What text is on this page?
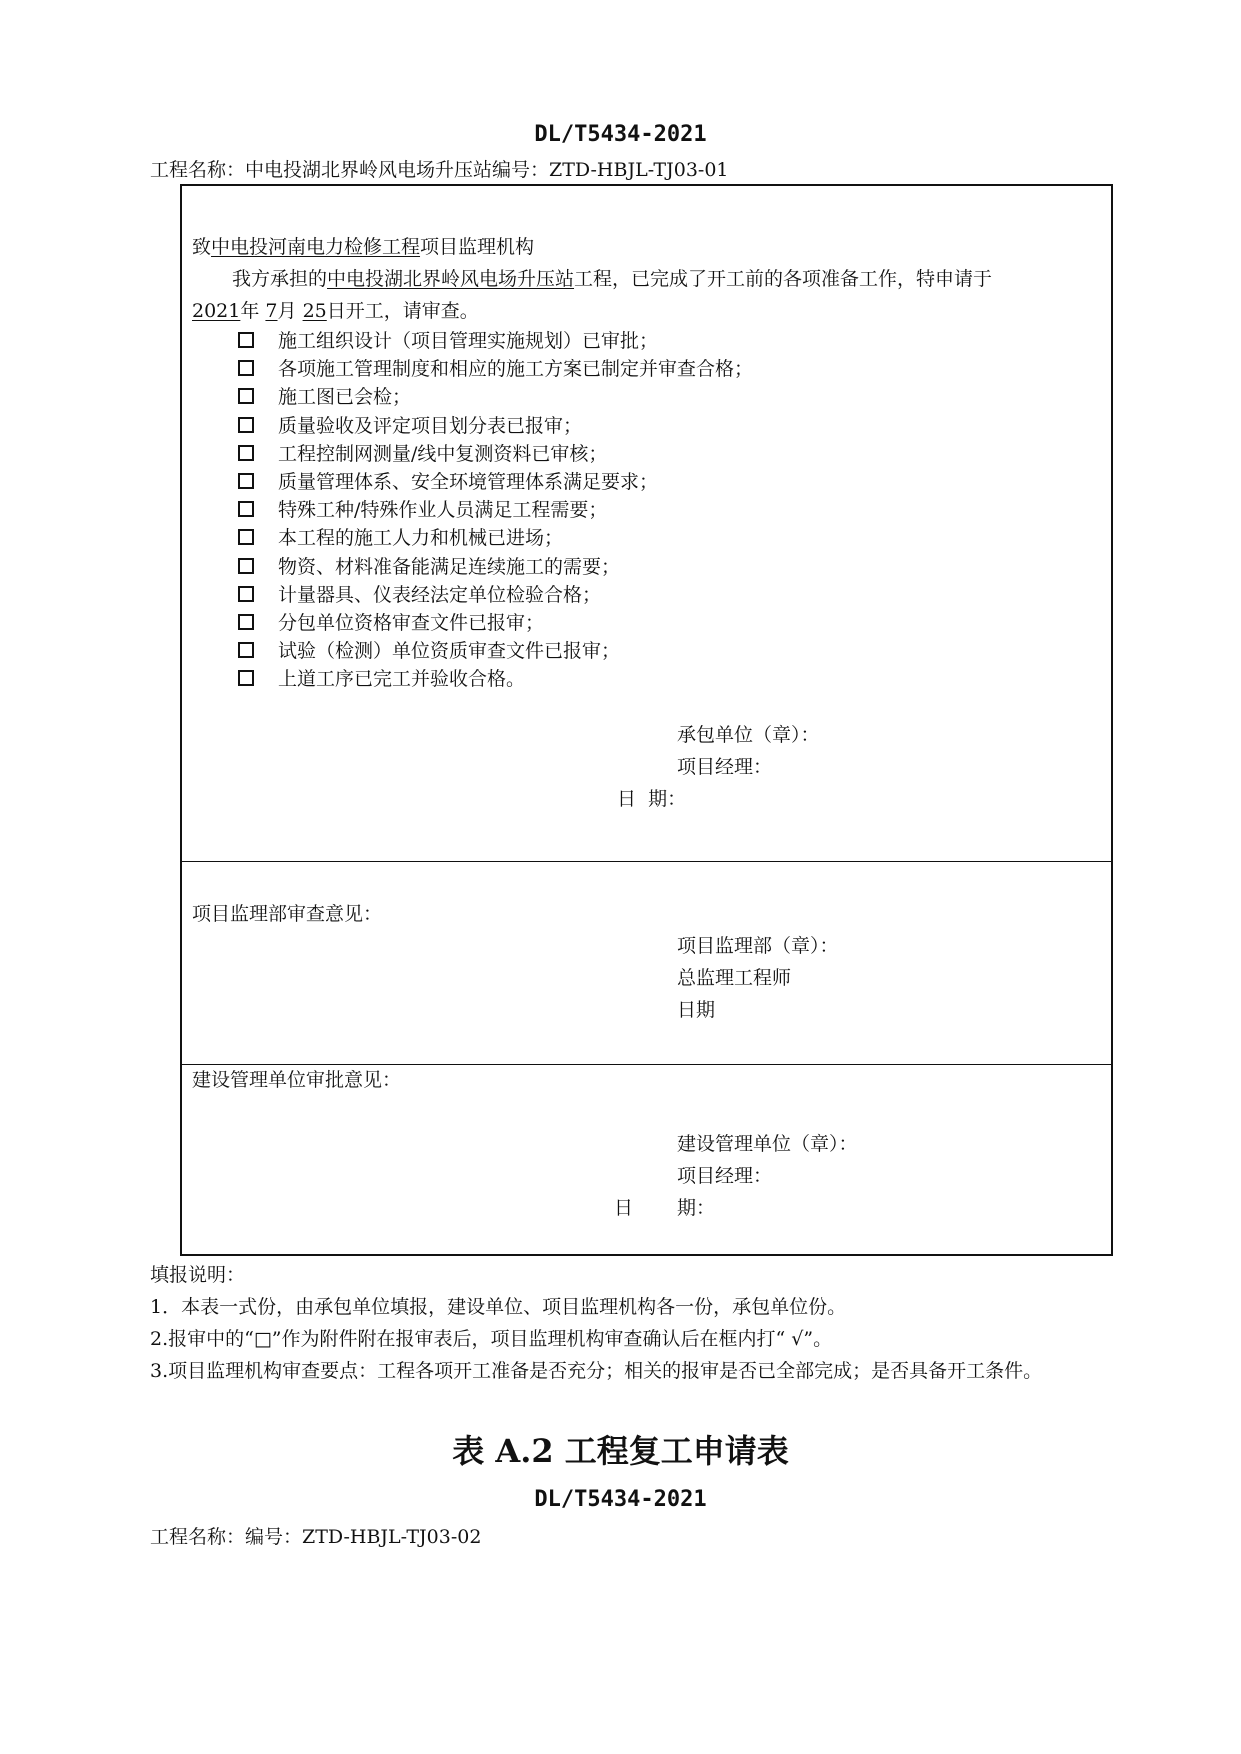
DL/T5434-2021
工程名称：中电投湖北界岭风电场升压站编号：ZTD-HBJL-TJ03-01
致中电投河南电力检修工程项目监理机构
我方承担的中电投湖北界岭风电场升压站工程，已完成了开工前的各项准备工作，特申请于
2021年 7月 25日开工，请审查。
施工组织设计（项目管理实施规划）已审批；
各项施工管理制度和相应的施工方案已制定并审查合格；
施工图已会检；
质量验收及评定项目划分表已报审；
工程控制网测量/线中复测资料已审核；
质量管理体系、安全环境管理体系满足要求；
特殊工种/特殊作业人员满足工程需要；
本工程的施工人力和机械已进场；
物资、材料准备能满足连续施工的需要；
计量器具、仪表经法定单位检验合格；
分包单位资格审查文件已报审；
试验（检测）单位资质审查文件已报审；
上道工序已完工并验收合格。
承包单位（章）：
项目经理：
日  期：
项目监理部审查意见：
项目监理部（章）：
总监理工程师
日期
建设管理单位审批意见：
建设管理单位（章）：
项目经理：
日 期：
填报说明：
1．本表一式份，由承包单位填报，建设单位、项目监理机构各一份，承包单位份。
2.报审中的“□”作为附件附在报审表后，项目监理机构审查确认后在框内打“ √”。
3.项目监理机构审查要点：工程各项开工准备是否充分；相关的报审是否已全部完成；是否具备开工条件。
表 A.2 工程复工申请表
DL/T5434-2021
工程名称：编号：ZTD-HBJL-TJ03-02
